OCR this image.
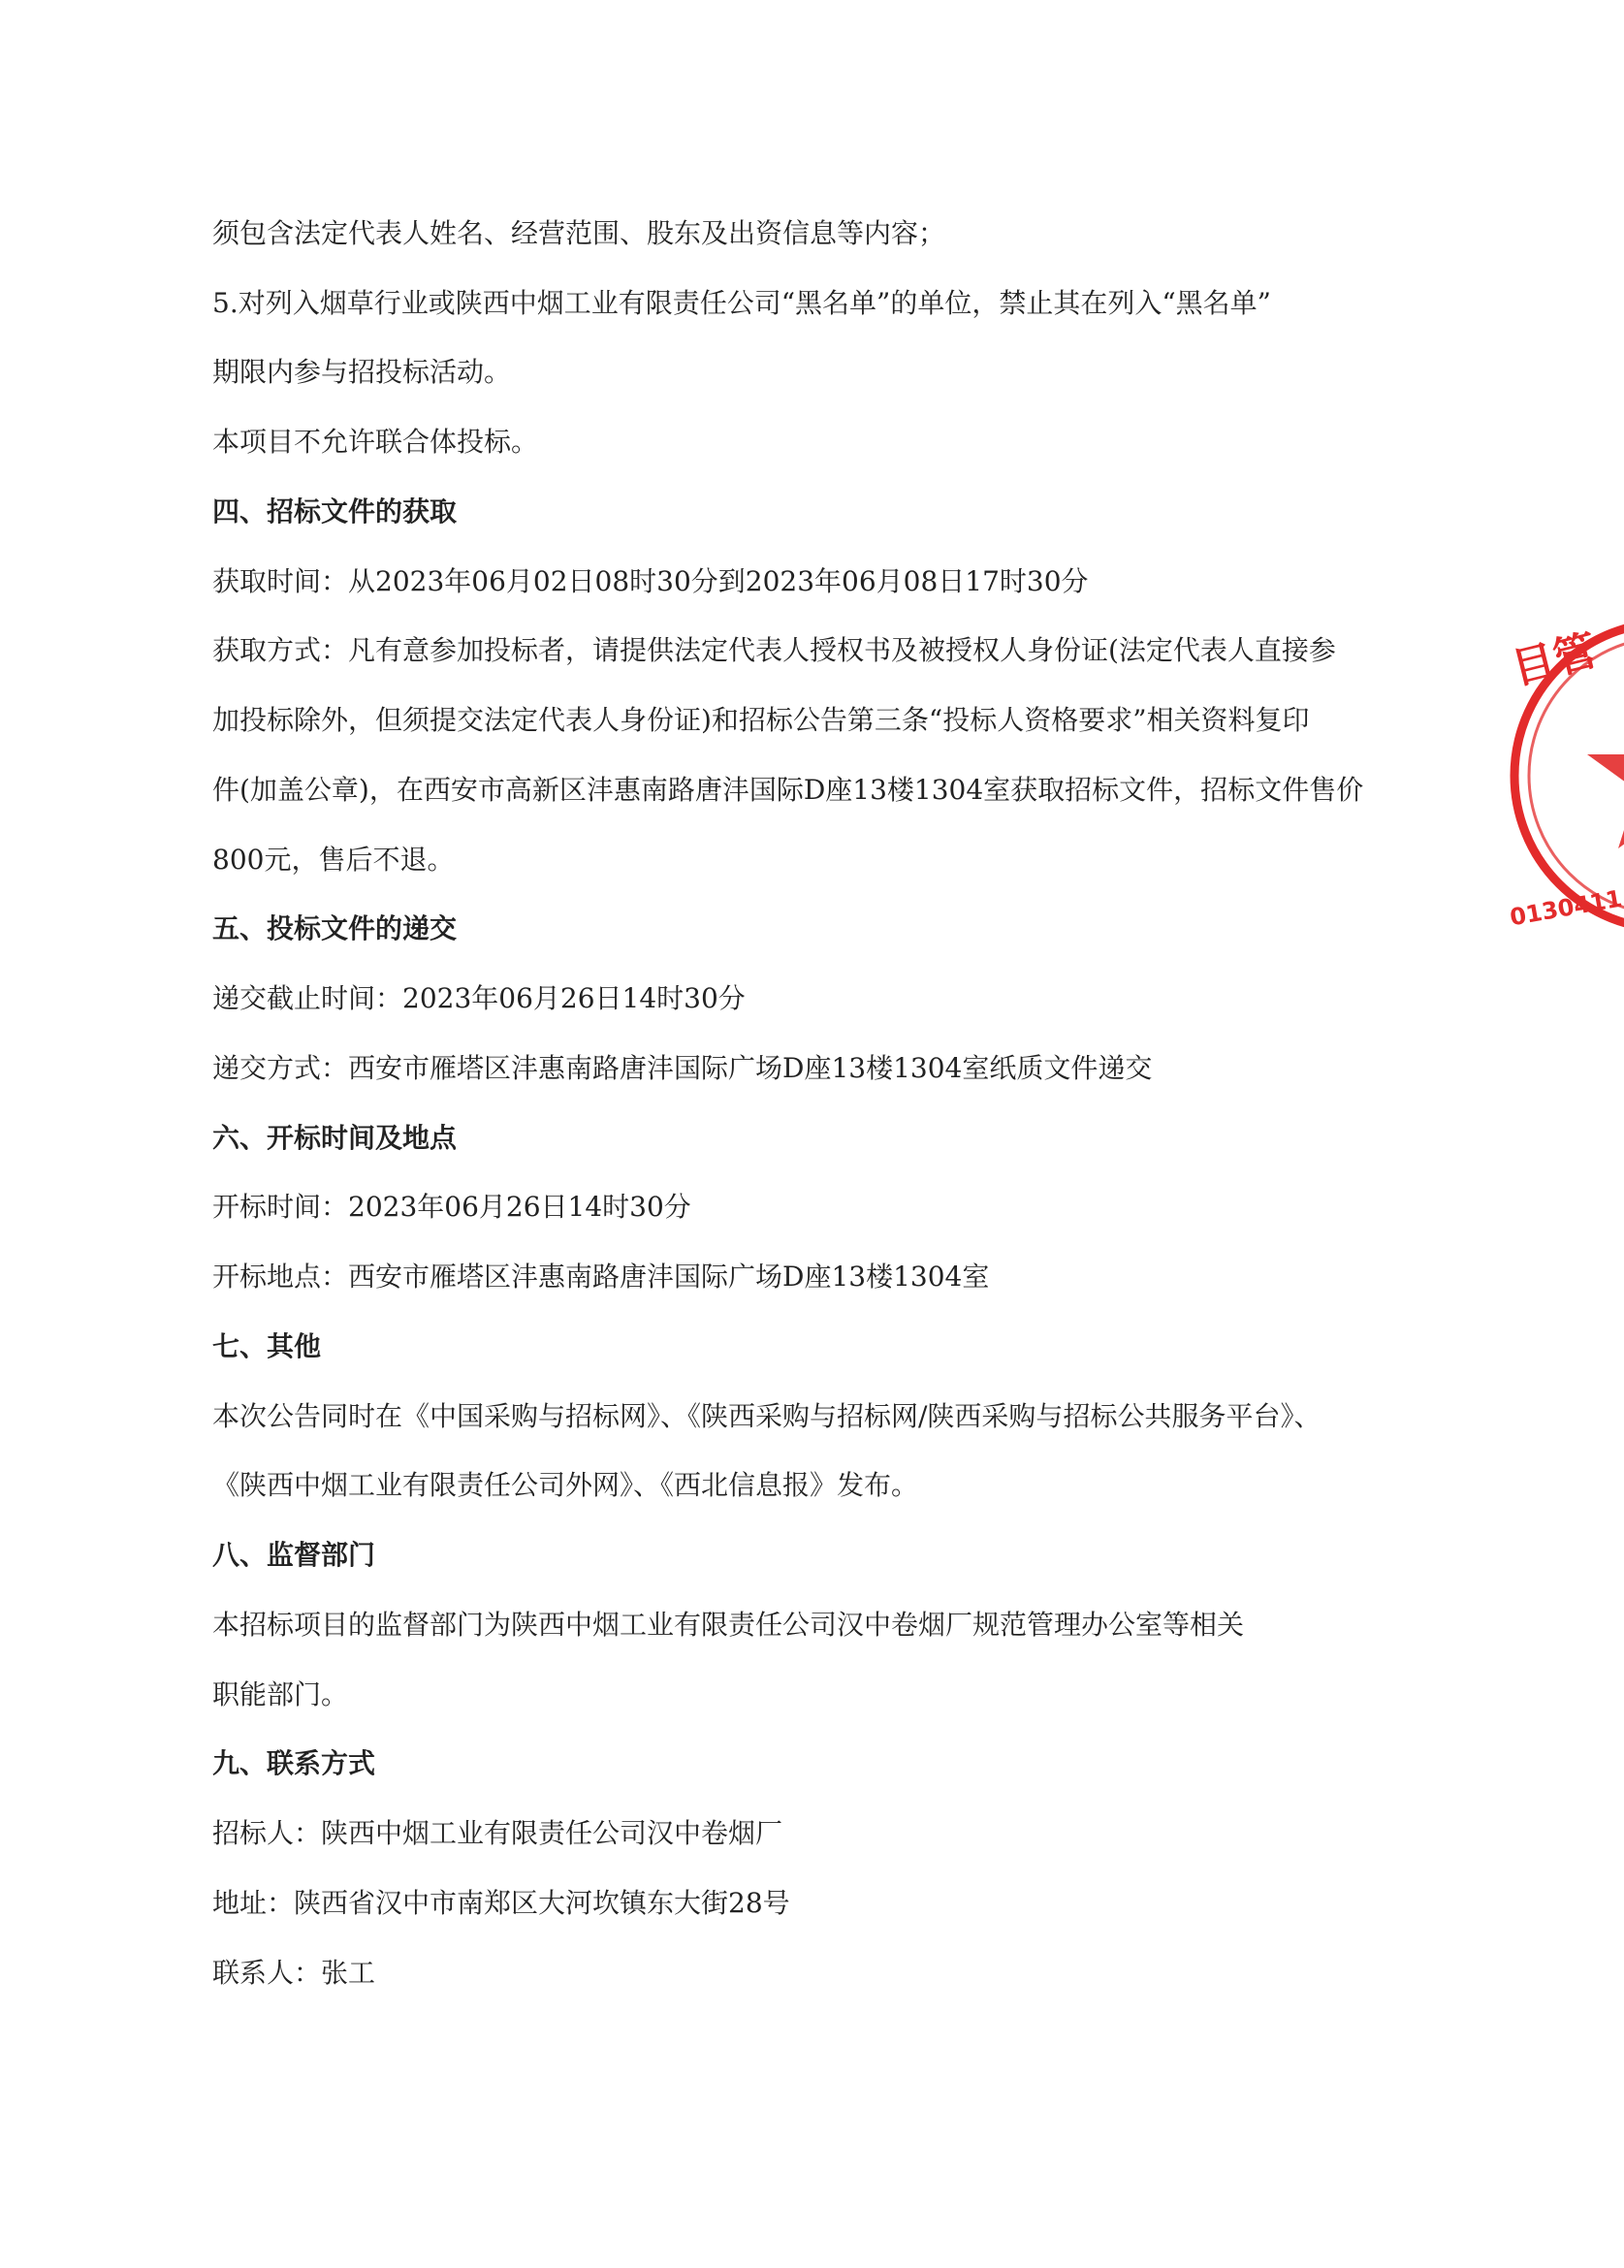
须包含法定代表人姓名、经营范围、股东及出资信息等内容；
5.对列入烟草行业或陕西中烟工业有限责任公司“黑名单”的单位，禁止其在列入“黑名单”
期限内参与招投标活动。
本项目不允许联合体投标。
四、招标文件的获取
获取时间：从2023年06月02日08时30分到2023年06月08日17时30分
获取方式：凡有意参加投标者，请提供法定代表人授权书及被授权人身份证(法定代表人直接参
加投标除外，但须提交法定代表人身份证)和招标公告第三条“投标人资格要求”相关资料复印
件(加盖公章)，在西安市高新区沣惠南路唐沣国际D座13楼1304室获取招标文件，招标文件售价
800元，售后不退。
五、投标文件的递交
递交截止时间：2023年06月26日14时30分
递交方式：西安市雁塔区沣惠南路唐沣国际广场D座13楼1304室纸质文件递交
六、开标时间及地点
开标时间：2023年06月26日14时30分
开标地点：西安市雁塔区沣惠南路唐沣国际广场D座13楼1304室
七、其他
本次公告同时在《中国采购与招标网》、《陕西采购与招标网/陕西采购与招标公共服务平台》、
《陕西中烟工业有限责任公司外网》、《西北信息报》发布。
八、监督部门
本招标项目的监督部门为陕西中烟工业有限责任公司汉中卷烟厂规范管理办公室等相关
职能部门。
九、联系方式
招标人：陕西中烟工业有限责任公司汉中卷烟厂
地址：陕西省汉中市南郑区大河坎镇东大街28号
联系人：张工
目管
0130411
